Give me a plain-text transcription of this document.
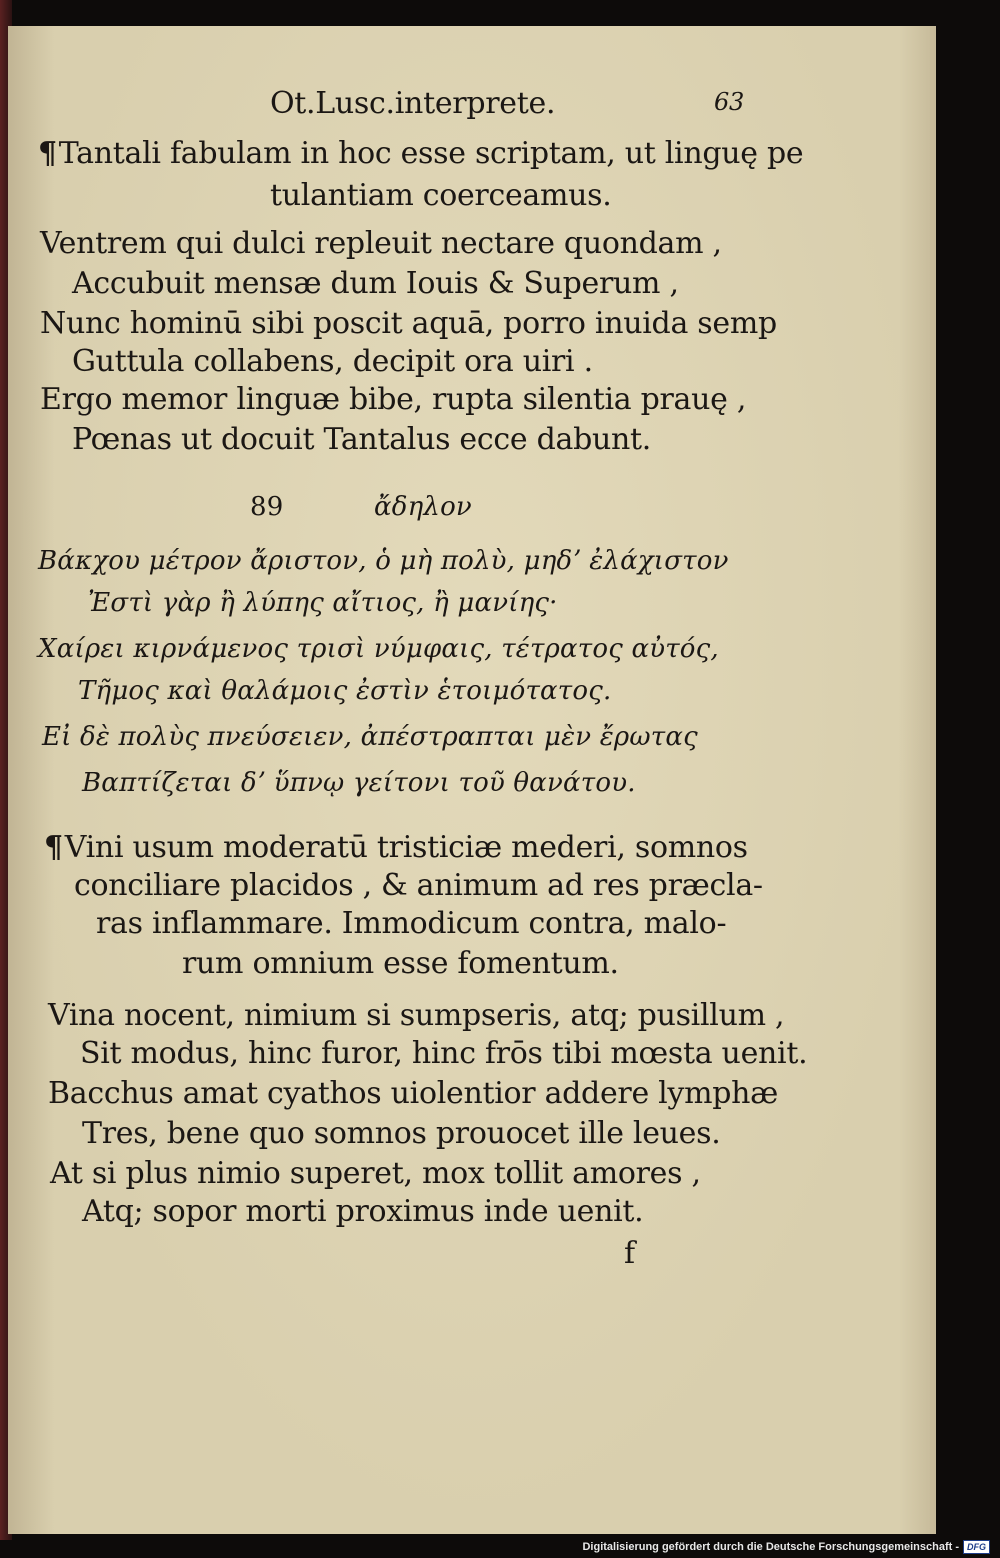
Ot.Lusc.interprete.	63
¶Tantali fabulam in hoc esse scriptam, ut linguę pe
tulantiam coerceamus.
Ventrem qui dulci repleuit nectare quondam ,
Accubuit mensæ dum Iouis & Superum ,
Nunc hominū sibi poscit aquā, porro inuida semp
Guttula collabens, decipit ora uiri .
Ergo memor linguæ bibe, rupta silentia prauę ,
Pœnas ut docuit Tantalus ecce dabunt.
89	ἄδηλον
Βάκχου μέτρον ἄριστον, ὁ μὴ πολὺ, μηδʼ ἐλάχιστον
Ἐστὶ γὰρ ἢ λύπης αἴτιος, ἢ μανίης·
Χαίρει κιρνάμενος τρισὶ νύμφαις, τέτρατος αὐτός,
Τῆμος καὶ θαλάμοις ἐστὶν ἑτοιμότατος.
Εἰ δὲ πολὺς πνεύσειεν, ἀπέστραπται μὲν ἔρωτας
Βαπτίζεται δʼ ὕπνῳ γείτονι τοῦ θανάτου.
¶Vini usum moderatū tristiciæ mederi, somnos
conciliare placidos , & animum ad res præcla-
ras inflammare. Immodicum contra, malo-
rum omnium esse fomentum.
Vina nocent, nimium si sumpseris, atq; pusillum ,
Sit modus, hinc furor, hinc frōs tibi mœsta uenit.
Bacchus amat cyathos uiolentior addere lymphæ
Tres, bene quo somnos prouocet ille leues.
At si plus nimio superet, mox tollit amores ,
Atq; sopor morti proximus inde uenit.
f
Digitalisierung gefördert durch die Deutsche Forschungsgemeinschaft - DFG
